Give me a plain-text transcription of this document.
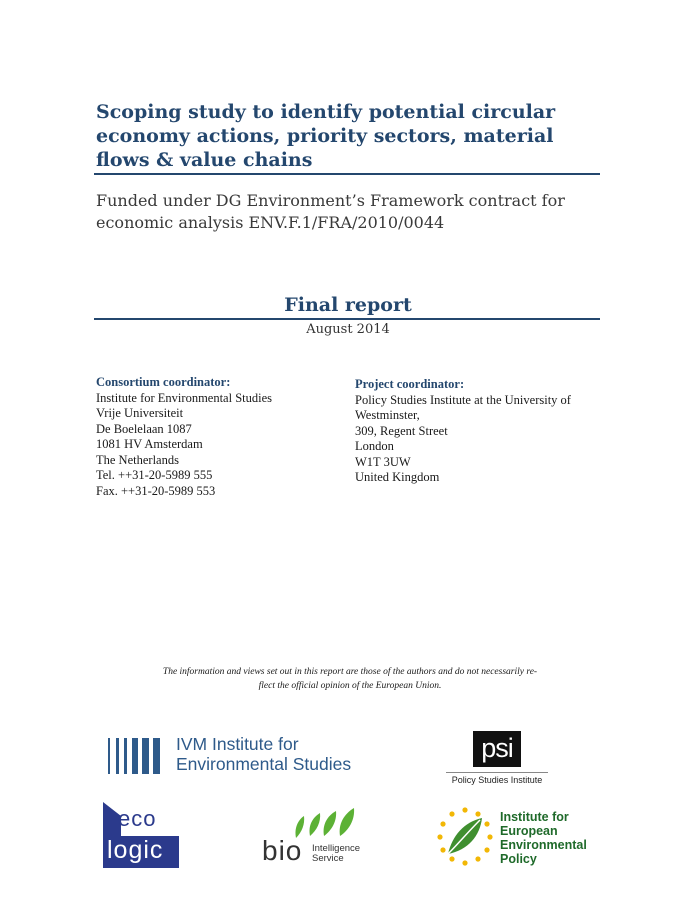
Scoping study to identify potential circular economy actions, priority sectors, material flows & value chains
Funded under DG Environment’s Framework contract for economic analysis ENV.F.1/FRA/2010/0044
Final report
August 2014
Consortium coordinator:
Institute for Environmental Studies
Vrije Universiteit
De Boelelaan 1087
1081 HV Amsterdam
The Netherlands
Tel. ++31-20-5989 555
Fax. ++31-20-5989 553
Project coordinator:
Policy Studies Institute at the University of
Westminster,
309, Regent Street
London
W1T 3UW
United Kingdom
The information and views set out in this report are those of the authors and do not necessarily re-
flect the official opinion of the European Union.
IVM Institute for
Environmental Studies
psi
Policy Studies Institute
eco
logic	bio Intelligence
Service
Institute for
European
Environmental
Policy
